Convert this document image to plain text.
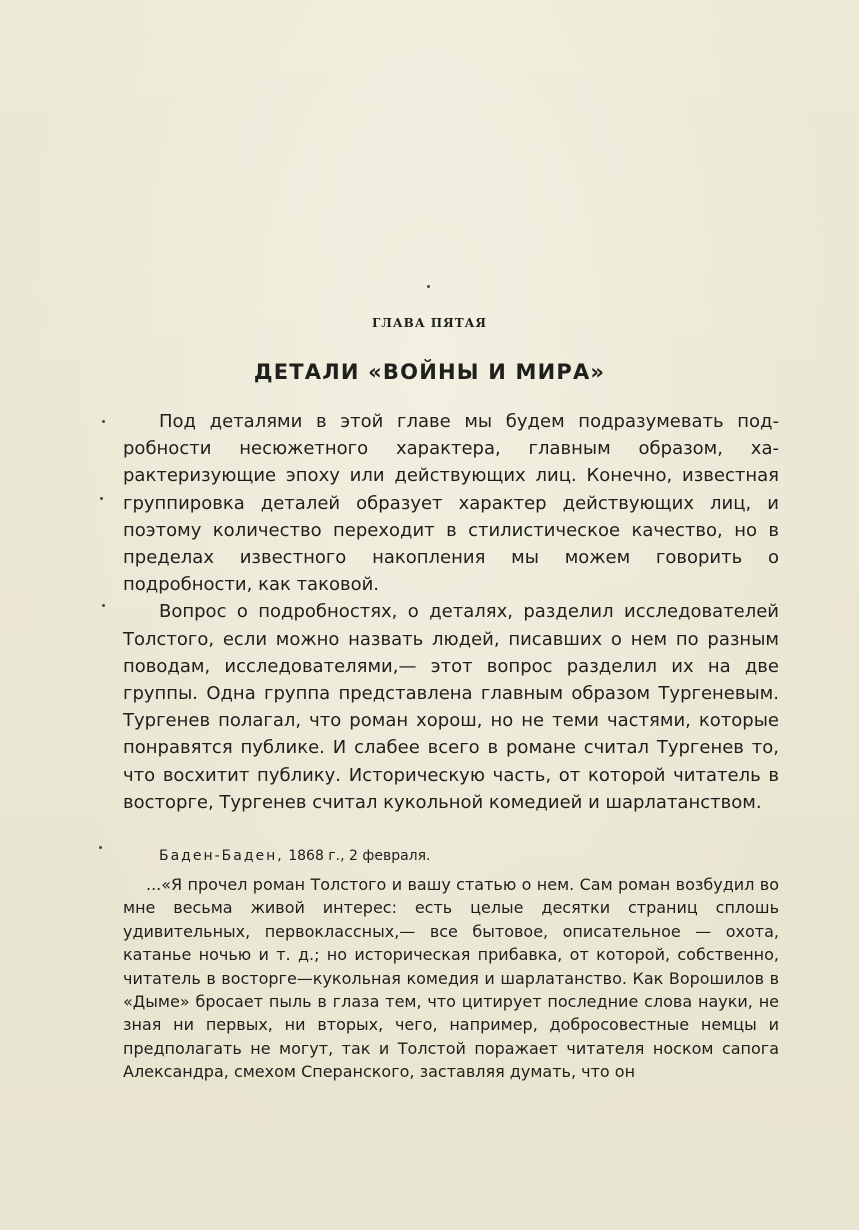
ГЛАВА ПЯТАЯ
ДЕТАЛИ «ВОЙНЫ И МИРА»

Под деталями в этой главе мы будем подразумевать подробности несюжетного характера, главным образом, характеризующие эпоху или действующих лиц. Конечно, известная группировка деталей образует характер действующих лиц, и поэтому количество переходит в стилистическое качество, но в пределах известного накопления мы можем говорить о подробности, как таковой.

Вопрос о подробностях, о деталях, разделил исследователей Толстого, если можно назвать людей, писавших о нем по разным поводам, исследователями,— этот вопрос разделил их на две группы. Одна группа представлена главным образом Тургеневым. Тургенев полагал, что роман хорош, но не теми частями, которые понравятся публике. И слабее всего в романе считал Тургенев то, что восхитит публику. Историческую часть, от которой читатель в восторге, Тургенев считал кукольной комедией и шарлатанством.

Баден-Баден, 1868 г., 2 февраля.

...«Я прочел роман Толстого и вашу статью о нем. Сам роман возбудил во мне весьма живой интерес: есть целые десятки страниц сплошь удивительных, первоклассных,— все бытовое, описательное — охота, катанье ночью и т. д.; но историческая прибавка, от которой, собственно, читатель в восторге—кукольная комедия и шарлатанство. Как Ворошилов в «Дыме» бросает пыль в глаза тем, что цитирует последние слова науки, не зная ни первых, ни вторых, чего, например, добросовестные немцы и предполагать не могут, так и Толстой поражает читателя носком сапога Александра, смехом Сперанского, заставляя думать, что он
